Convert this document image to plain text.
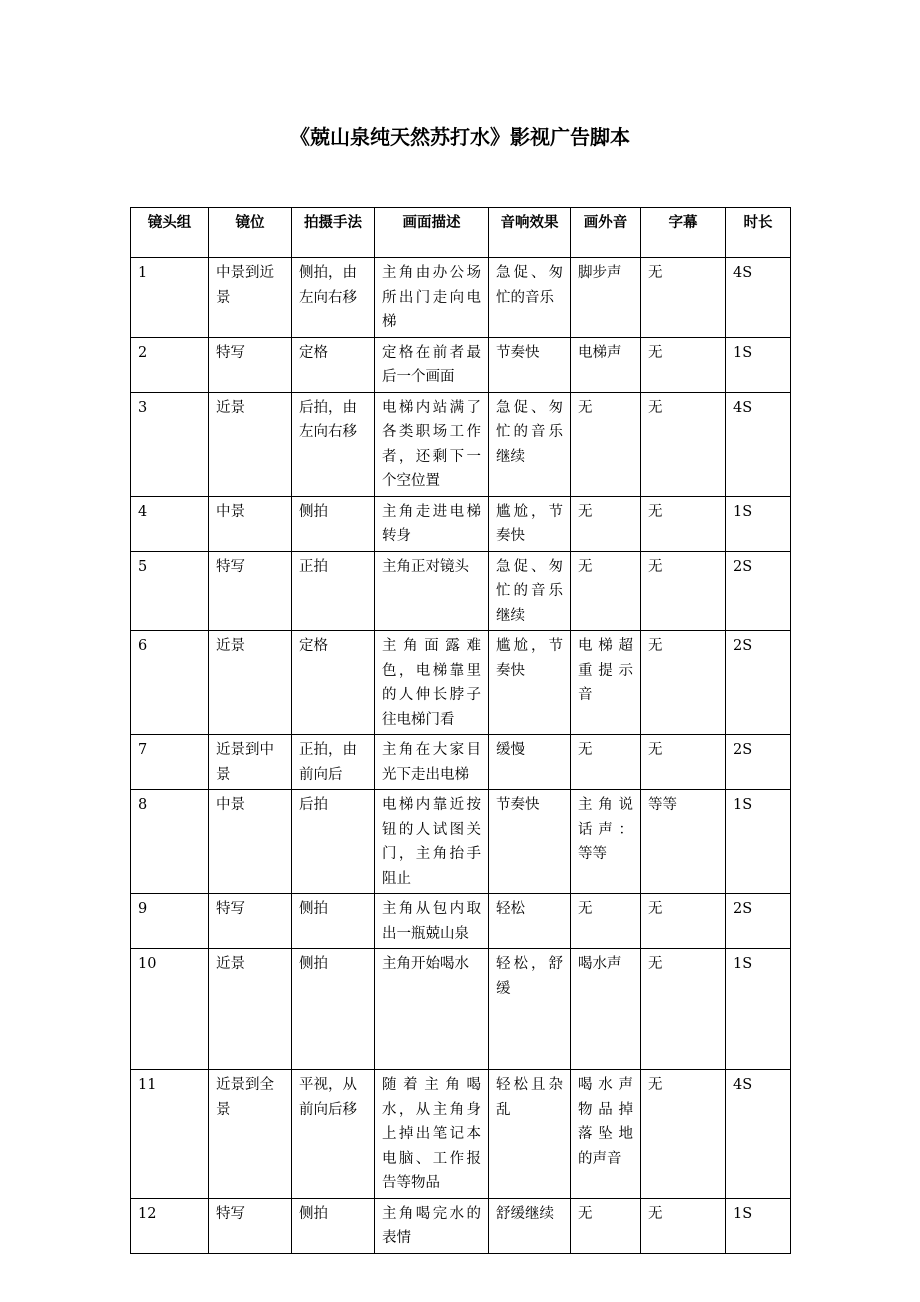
《兢山泉纯天然苏打水》影视广告脚本
镜头组	镜位	拍摄手法	画面描述	音响效果	画外音	字幕	时长
1	中景到近景	侧拍，由左向右移	主角由办公场所出门走向电梯	急促、匆忙的音乐	脚步声	无	4S
2	特写	定格	定格在前者最后一个画面	节奏快	电梯声	无	1S
3	近景	后拍，由左向右移	电梯内站满了各类职场工作者，还剩下一个空位置	急促、匆忙的音乐继续	无	无	4S
4	中景	侧拍	主角走进电梯转身	尴尬，节奏快	无	无	1S
5	特写	正拍	主角正对镜头	急促、匆忙的音乐继续	无	无	2S
6	近景	定格	主角面露难色，电梯靠里的人伸长脖子往电梯门看	尴尬，节奏快	电梯超重提示音	无	2S
7	近景到中景	正拍，由前向后	主角在大家目光下走出电梯	缓慢	无	无	2S
8	中景	后拍	电梯内靠近按钮的人试图关门，主角抬手阻止	节奏快	主角说话声：等等	等等	1S
9	特写	侧拍	主角从包内取出一瓶兢山泉	轻松	无	无	2S
10	近景	侧拍	主角开始喝水	轻松，舒缓	喝水声	无	1S
11	近景到全景	平视，从前向后移	随着主角喝水，从主角身上掉出笔记本电脑、工作报告等物品	轻松且杂乱	喝水声物品掉落坠地的声音	无	4S
12	特写	侧拍	主角喝完水的表情	舒缓继续	无	无	1S
